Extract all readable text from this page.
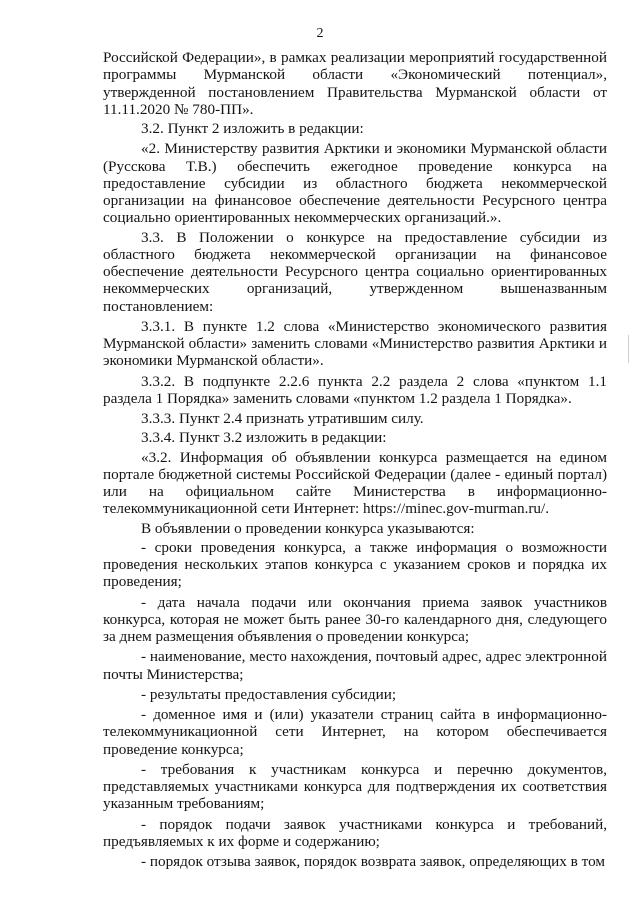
2

Российской Федерации», в рамках реализации мероприятий государственной программы Мурманской области «Экономический потенциал», утвержденной постановлением Правительства Мурманской области от 11.11.2020 № 780-ПП».

3.2. Пункт 2 изложить в редакции:

«2. Министерству развития Арктики и экономики Мурманской области (Русскова Т.В.) обеспечить ежегодное проведение конкурса на предоставление субсидии из областного бюджета некоммерческой организации на финансовое обеспечение деятельности Ресурсного центра социально ориентированных некоммерческих организаций.».

3.3. В Положении о конкурсе на предоставление субсидии из областного бюджета некоммерческой организации на финансовое обеспечение деятельности Ресурсного центра социально ориентированных некоммерческих организаций, утвержденном вышеназванным постановлением:

3.3.1. В пункте 1.2 слова «Министерство экономического развития Мурманской области» заменить словами «Министерство развития Арктики и экономики Мурманской области».

3.3.2. В подпункте 2.2.6 пункта 2.2 раздела 2 слова «пунктом 1.1 раздела 1 Порядка» заменить словами «пунктом 1.2 раздела 1 Порядка».

3.3.3. Пункт 2.4 признать утратившим силу.

3.3.4. Пункт 3.2 изложить в редакции:

«3.2. Информация об объявлении конкурса размещается на едином портале бюджетной системы Российской Федерации (далее - единый портал) или на официальном сайте Министерства в информационно-телекоммуникационной сети Интернет: https://minec.gov-murman.ru/.

В объявлении о проведении конкурса указываются:

- сроки проведения конкурса, а также информация о возможности проведения нескольких этапов конкурса с указанием сроков и порядка их проведения;

- дата начала подачи или окончания приема заявок участников конкурса, которая не может быть ранее 30-го календарного дня, следующего за днем размещения объявления о проведении конкурса;

- наименование, место нахождения, почтовый адрес, адрес электронной почты Министерства;

- результаты предоставления субсидии;

- доменное имя и (или) указатели страниц сайта в информационно-телекоммуникационной сети Интернет, на котором обеспечивается проведение конкурса;

- требования к участникам конкурса и перечню документов, представляемых участниками конкурса для подтверждения их соответствия указанным требованиям;

- порядок подачи заявок участниками конкурса и требований, предъявляемых к их форме и содержанию;

- порядок отзыва заявок, порядок возврата заявок, определяющих в том
